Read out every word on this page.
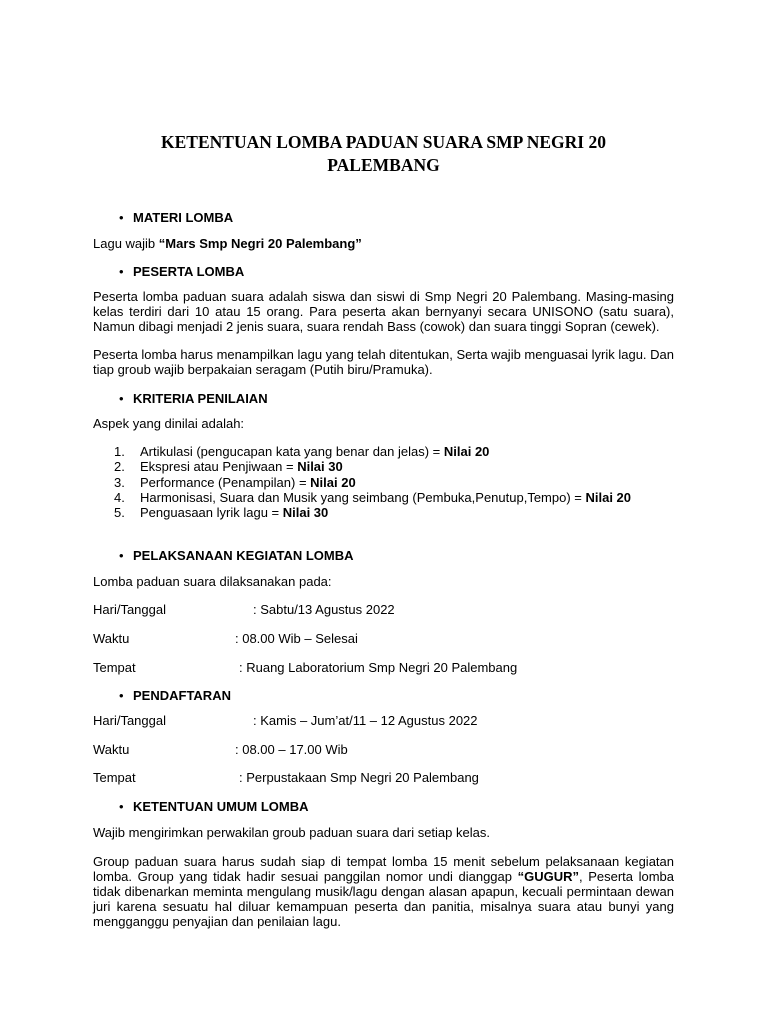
KETENTUAN LOMBA PADUAN SUARA SMP NEGRI 20
PALEMBANG
• MATERI LOMBA
Lagu wajib “Mars Smp Negri 20 Palembang”
• PESERTA LOMBA
Peserta lomba paduan suara adalah siswa dan siswi di Smp Negri 20 Palembang. Masing-masing
kelas terdiri dari 10 atau 15 orang. Para peserta akan bernyanyi secara UNISONO (satu suara),
Namun dibagi menjadi 2 jenis suara, suara rendah Bass (cowok) dan suara tinggi Sopran (cewek).
Peserta lomba harus menampilkan lagu yang telah ditentukan, Serta wajib menguasai lyrik lagu. Dan
tiap groub wajib berpakaian seragam (Putih biru/Pramuka).
• KRITERIA PENILAIAN
Aspek yang dinilai adalah:
1. Artikulasi (pengucapan kata yang benar dan jelas) = Nilai 20
2. Ekspresi atau Penjiwaan = Nilai 30
3. Performance (Penampilan) = Nilai 20
4. Harmonisasi, Suara dan Musik yang seimbang (Pembuka,Penutup,Tempo) = Nilai 20
5. Penguasaan lyrik lagu = Nilai 30
• PELAKSANAAN KEGIATAN LOMBA
Lomba paduan suara dilaksanakan pada:
Hari/Tanggal	: Sabtu/13 Agustus 2022
Waktu	: 08.00 Wib – Selesai
Tempat	: Ruang Laboratorium Smp Negri 20 Palembang
• PENDAFTARAN
Hari/Tanggal	: Kamis – Jum’at/11 – 12 Agustus 2022
Waktu	: 08.00 – 17.00 Wib
Tempat	: Perpustakaan Smp Negri 20 Palembang
• KETENTUAN UMUM LOMBA
Wajib mengirimkan perwakilan groub paduan suara dari setiap kelas.
Group paduan suara harus sudah siap di tempat lomba 15 menit sebelum pelaksanaan kegiatan
lomba. Group yang tidak hadir sesuai panggilan nomor undi dianggap “GUGUR”, Peserta lomba
tidak dibenarkan meminta mengulang musik/lagu dengan alasan apapun, kecuali permintaan dewan
juri karena sesuatu hal diluar kemampuan peserta dan panitia, misalnya suara atau bunyi yang
mengganggu penyajian dan penilaian lagu.
